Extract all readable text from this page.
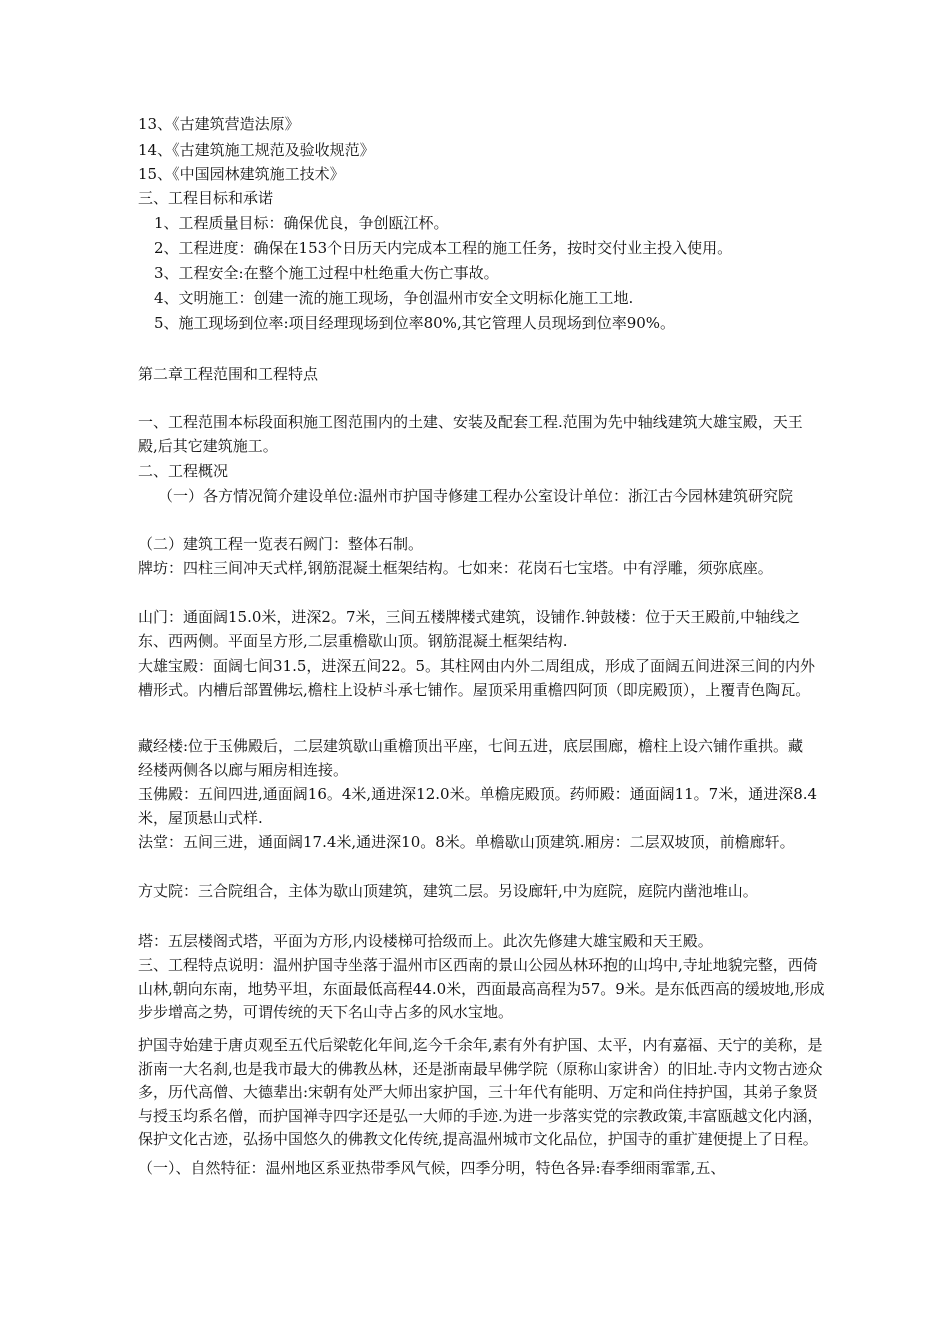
13、《古建筑营造法原》
14、《古建筑施工规范及验收规范》
15、《中国园林建筑施工技术》
三、工程目标和承诺
1、工程质量目标：确保优良，争创瓯江杯。
2、工程进度：确保在153个日历天内完成本工程的施工任务，按时交付业主投入使用。
3、工程安全:在整个施工过程中杜绝重大伤亡事故。
4、文明施工：创建一流的施工现场，争创温州市安全文明标化施工工地.
5、施工现场到位率:项目经理现场到位率80%,其它管理人员现场到位率90%。
第二章工程范围和工程特点
一、工程范围本标段面积施工图范围内的土建、安装及配套工程.范围为先中轴线建筑大雄宝殿，天王殿,后其它建筑施工。
二、工程概况
（一）各方情况简介建设单位:温州市护国寺修建工程办公室设计单位：浙江古今园林建筑研究院
（二）建筑工程一览表石阙门：整体石制。
牌坊：四柱三间冲天式样,钢筋混凝土框架结构。七如来：花岗石七宝塔。中有浮雕，须弥底座。
山门：通面阔15.0米，进深2。7米，三间五楼牌楼式建筑，设铺作.钟鼓楼：位于天王殿前,中轴线之东、西两侧。平面呈方形,二层重檐歇山顶。钢筋混凝土框架结构.
大雄宝殿：面阔七间31.5，进深五间22。5。其柱网由内外二周组成，形成了面阔五间进深三间的内外槽形式。内槽后部置佛坛,檐柱上设栌斗承七铺作。屋顶采用重檐四阿顶（即庑殿顶），上覆青色陶瓦。
藏经楼:位于玉佛殿后，二层建筑歇山重檐顶出平座，七间五进，底层围廊，檐柱上设六铺作重拱。藏经楼两侧各以廊与厢房相连接。
玉佛殿：五间四进,通面阔16。4米,通进深12.0米。单檐庑殿顶。药师殿：通面阔11。7米，通进深8.4米，屋顶悬山式样.
法堂：五间三进，通面阔17.4米,通进深10。8米。单檐歇山顶建筑.厢房：二层双坡顶，前檐廊轩。
方丈院：三合院组合，主体为歇山顶建筑，建筑二层。另设廊轩,中为庭院，庭院内凿池堆山。
塔：五层楼阁式塔，平面为方形,内设楼梯可拾级而上。此次先修建大雄宝殿和天王殿。
三、工程特点说明：温州护国寺坐落于温州市区西南的景山公园丛林环抱的山坞中,寺址地貌完整，西倚山林,朝向东南，地势平坦，东面最低高程44.0米，西面最高高程为57。9米。是东低西高的缓坡地,形成步步增高之势，可谓传统的天下名山寺占多的风水宝地。
护国寺始建于唐贞观至五代后梁乾化年间,迄今千余年,素有外有护国、太平，内有嘉福、天宁的美称，是浙南一大名刹,也是我市最大的佛教丛林，还是浙南最早佛学院（原称山家讲舍）的旧址.寺内文物古迹众多，历代高僧、大德辈出:宋朝有处严大师出家护国，三十年代有能明、万定和尚住持护国，其弟子象贤与授玉均系名僧，而护国禅寺四字还是弘一大师的手迹.为进一步落实党的宗教政策,丰富瓯越文化内涵，保护文化古迹，弘扬中国悠久的佛教文化传统,提高温州城市文化品位，护国寺的重扩建便提上了日程。
（一）、自然特征：温州地区系亚热带季风气候，四季分明，特色各异:春季细雨霏霏,五、
